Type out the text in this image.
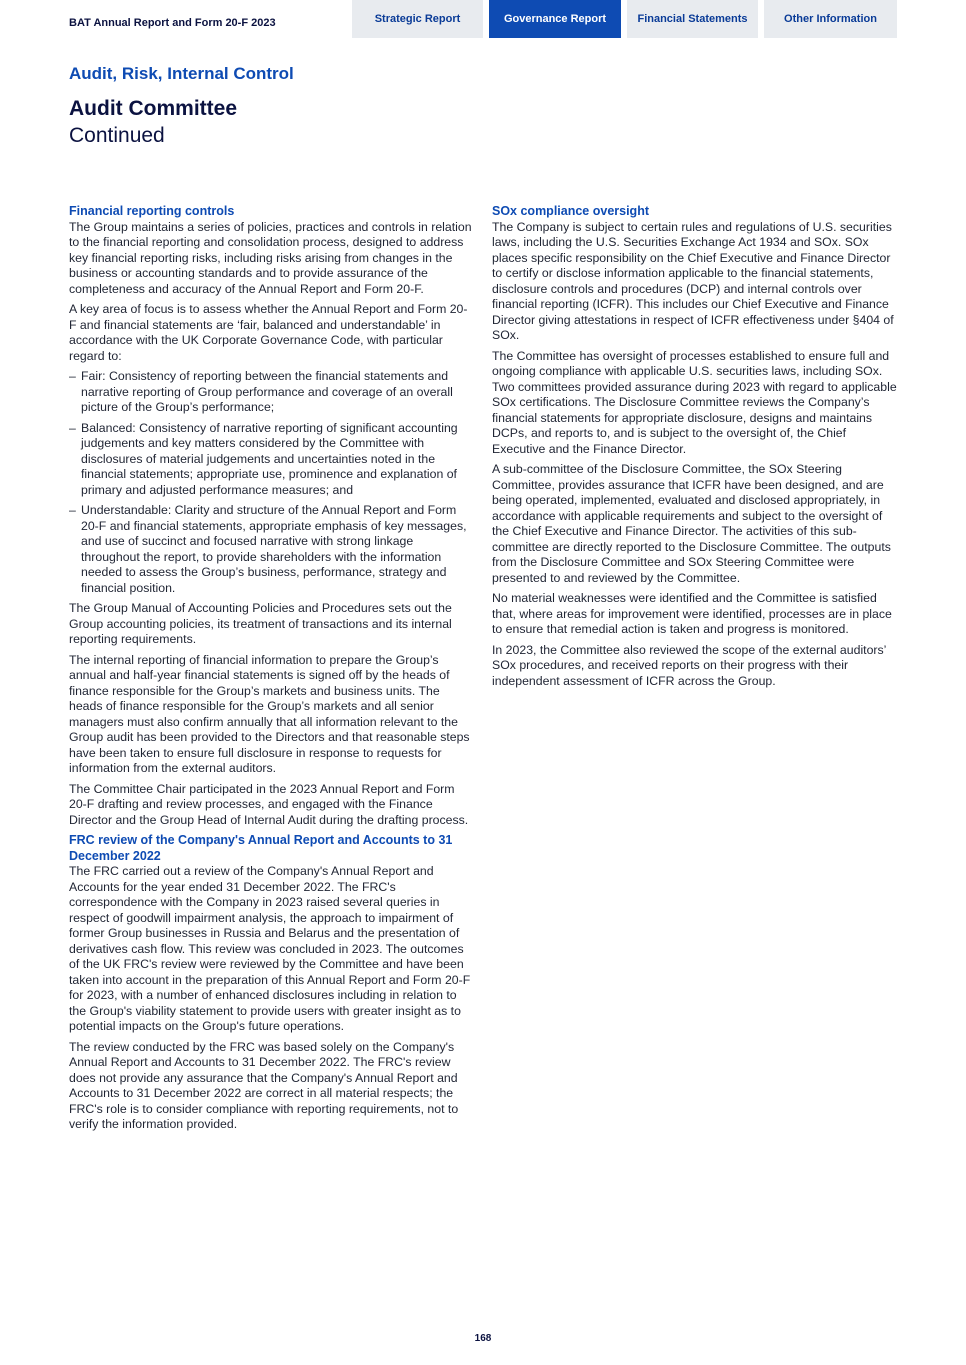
BAT Annual Report and Form 20-F 2023	Strategic Report	Governance Report	Financial Statements	Other Information
Audit, Risk, Internal Control
Audit Committee
Continued
Financial reporting controls

The Group maintains a series of policies, practices and controls in relation to the financial reporting and consolidation process, designed to address key financial reporting risks, including risks arising from changes in the business or accounting standards and to provide assurance of the completeness and accuracy of the Annual Report and Form 20-F.

A key area of focus is to assess whether the Annual Report and Form 20-F and financial statements are ‘fair, balanced and understandable’ in accordance with the UK Corporate Governance Code, with particular regard to:

– Fair: Consistency of reporting between the financial statements and narrative reporting of Group performance and coverage of an overall picture of the Group’s performance;
– Balanced: Consistency of narrative reporting of significant accounting judgements and key matters considered by the Committee with disclosures of material judgements and uncertainties noted in the financial statements; appropriate use, prominence and explanation of primary and adjusted performance measures; and
– Understandable: Clarity and structure of the Annual Report and Form 20-F and financial statements, appropriate emphasis of key messages, and use of succinct and focused narrative with strong linkage throughout the report, to provide shareholders with the information needed to assess the Group’s business, performance, strategy and financial position.

The Group Manual of Accounting Policies and Procedures sets out the Group accounting policies, its treatment of transactions and its internal reporting requirements.

The internal reporting of financial information to prepare the Group’s annual and half-year financial statements is signed off by the heads of finance responsible for the Group’s markets and business units. The heads of finance responsible for the Group’s markets and all senior managers must also confirm annually that all information relevant to the Group audit has been provided to the Directors and that reasonable steps have been taken to ensure full disclosure in response to requests for information from the external auditors.

The Committee Chair participated in the 2023 Annual Report and Form 20-F drafting and review processes, and engaged with the Finance Director and the Group Head of Internal Audit during the drafting process.

FRC review of the Company's Annual Report and Accounts to 31 December 2022

The FRC carried out a review of the Company's Annual Report and Accounts for the year ended 31 December 2022. The FRC's correspondence with the Company in 2023 raised several queries in respect of goodwill impairment analysis, the approach to impairment of former Group businesses in Russia and Belarus and the presentation of derivatives cash flow. This review was concluded in 2023. The outcomes of the UK FRC's review were reviewed by the Committee and have been taken into account in the preparation of this Annual Report and Form 20-F for 2023, with a number of enhanced disclosures including in relation to the Group's viability statement to provide users with greater insight as to potential impacts on the Group's future operations.

The review conducted by the FRC was based solely on the Company's Annual Report and Accounts to 31 December 2022. The FRC's review does not provide any assurance that the Company's Annual Report and Accounts to 31 December 2022 are correct in all material respects; the FRC's role is to consider compliance with reporting requirements, not to verify the information provided.

SOx compliance oversight

The Company is subject to certain rules and regulations of U.S. securities laws, including the U.S. Securities Exchange Act 1934 and SOx. SOx places specific responsibility on the Chief Executive and Finance Director to certify or disclose information applicable to the financial statements, disclosure controls and procedures (DCP) and internal controls over financial reporting (ICFR). This includes our Chief Executive and Finance Director giving attestations in respect of ICFR effectiveness under §404 of SOx.

The Committee has oversight of processes established to ensure full and ongoing compliance with applicable U.S. securities laws, including SOx. Two committees provided assurance during 2023 with regard to applicable SOx certifications. The Disclosure Committee reviews the Company’s financial statements for appropriate disclosure, designs and maintains DCPs, and reports to, and is subject to the oversight of, the Chief Executive and the Finance Director.

A sub-committee of the Disclosure Committee, the SOx Steering Committee, provides assurance that ICFR have been designed, and are being operated, implemented, evaluated and disclosed appropriately, in accordance with applicable requirements and subject to the oversight of the Chief Executive and Finance Director. The activities of this sub-committee are directly reported to the Disclosure Committee. The outputs from the Disclosure Committee and SOx Steering Committee were presented to and reviewed by the Committee.

No material weaknesses were identified and the Committee is satisfied that, where areas for improvement were identified, processes are in place to ensure that remedial action is taken and progress is monitored.

In 2023, the Committee also reviewed the scope of the external auditors’ SOx procedures, and received reports on their progress with their independent assessment of ICFR across the Group.

168
